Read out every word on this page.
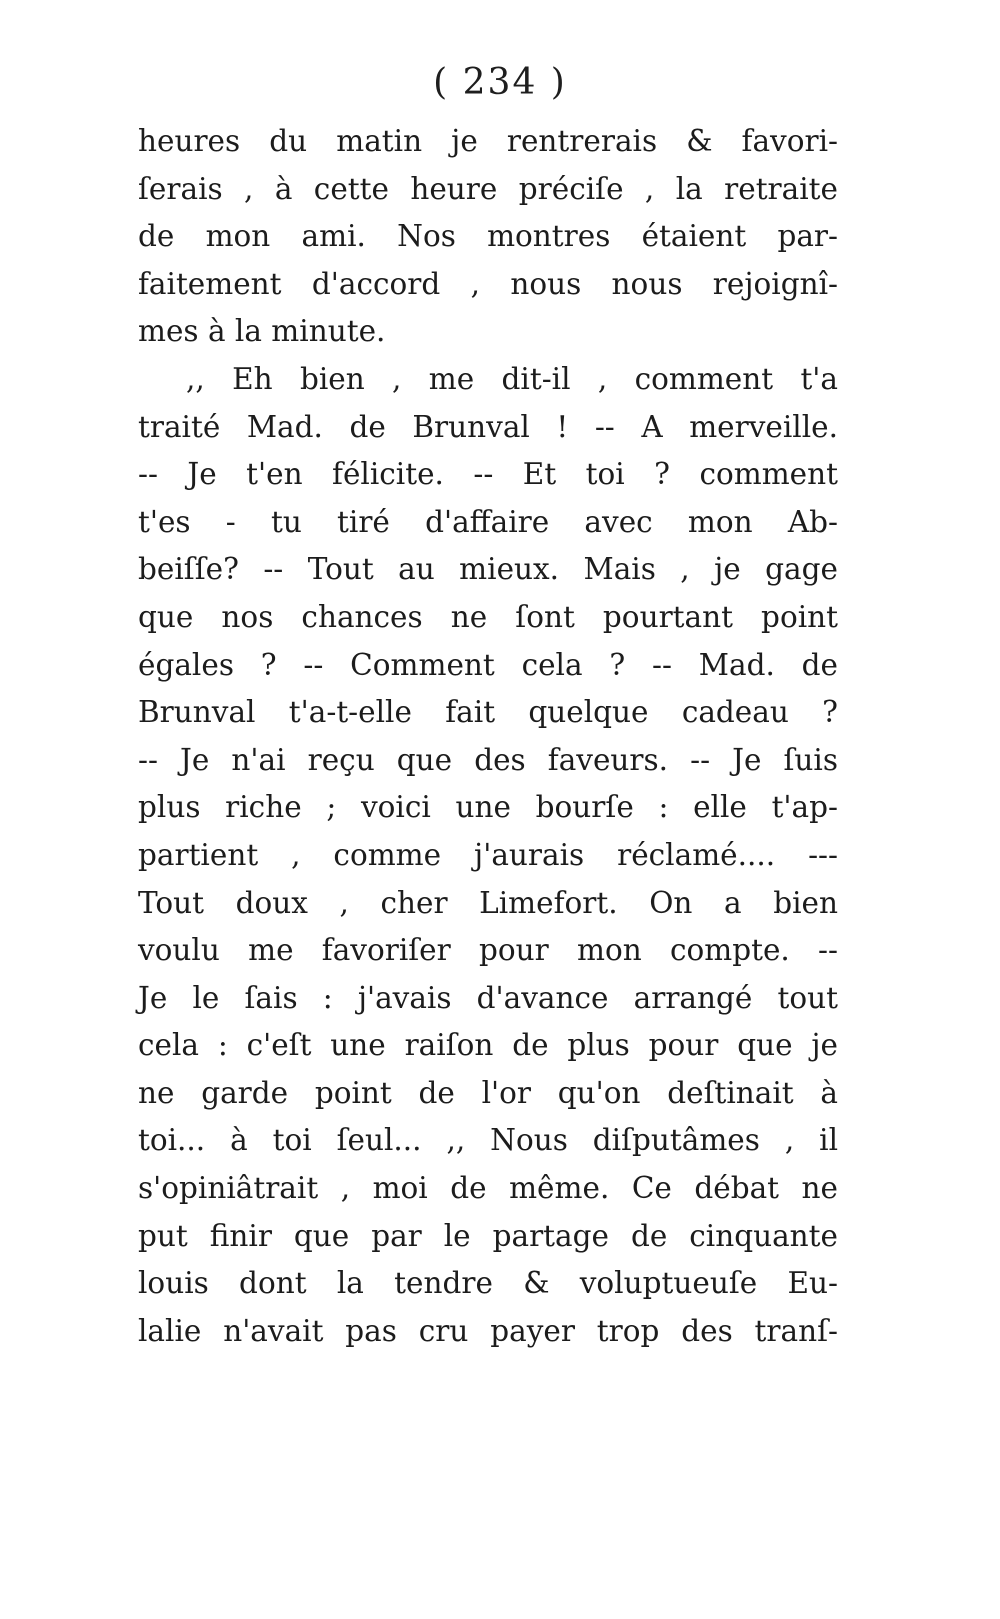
( 234 )
heures du matin je rentrerais & favori-
ſerais , à cette heure préciſe , la retraite
de mon ami. Nos montres étaient par-
faitement d'accord , nous nous rejoignî-
mes à la minute.
,, Eh bien , me dit-il , comment t'a
traité Mad. de Brunval ! -- A merveille.
-- Je t'en félicite. -- Et toi ? comment
t'es - tu tiré d'affaire avec mon Ab-
beiſſe? -- Tout au mieux. Mais , je gage
que nos chances ne ſont pourtant point
égales ? -- Comment cela ? -- Mad. de
Brunval t'a-t-elle fait quelque cadeau ?
-- Je n'ai reçu que des faveurs. -- Je ſuis
plus riche ; voici une bourſe : elle t'ap-
partient , comme j'aurais réclamé.... ---
Tout doux , cher Limefort. On a bien
voulu me favoriſer pour mon compte. --
Je le ſais : j'avais d'avance arrangé tout
cela : c'eſt une raiſon de plus pour que je
ne garde point de l'or qu'on deſtinait à
toi... à toi ſeul... ,, Nous diſputâmes , il
s'opiniâtrait , moi de même. Ce débat ne
put finir que par le partage de cinquante
louis dont la tendre & voluptueuſe Eu-
lalie n'avait pas cru payer trop des tranſ-
